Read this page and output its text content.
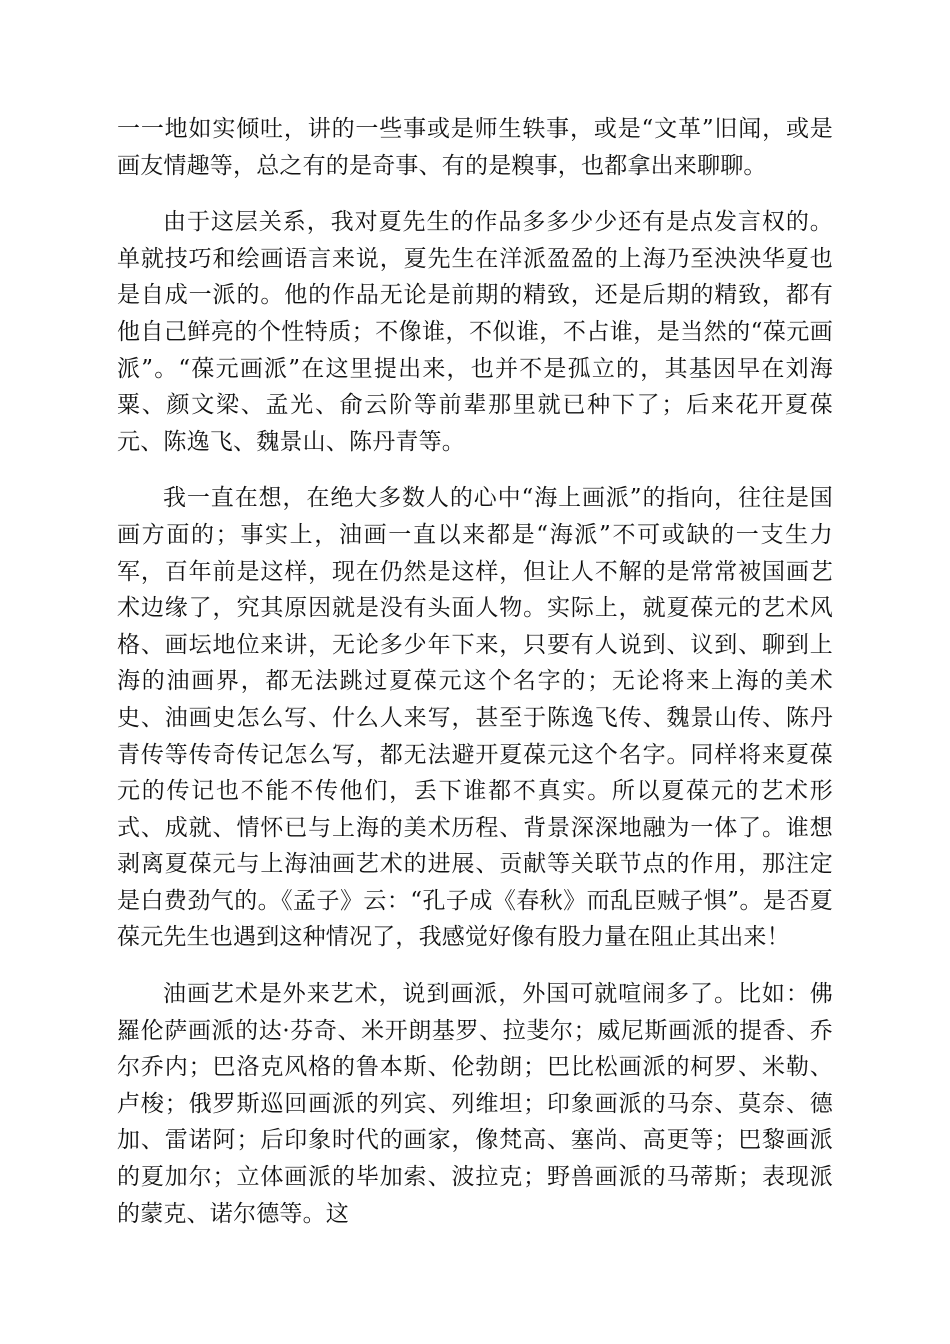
一一地如实倾吐，讲的一些事或是师生轶事，或是“文革”旧闻，或是画友情趣等，总之有的是奇事、有的是糗事，也都拿出来聊聊。

由于这层关系，我对夏先生的作品多多少少还有是点发言权的。单就技巧和绘画语言来说，夏先生在洋派盈盈的上海乃至泱泱华夏也是自成一派的。他的作品无论是前期的精致，还是后期的精致，都有他自己鲜亮的个性特质；不像谁，不似谁，不占谁，是当然的“葆元画派”。“葆元画派”在这里提出来，也并不是孤立的，其基因早在刘海粟、颜文梁、孟光、俞云阶等前辈那里就已种下了；后来花开夏葆元、陈逸飞、魏景山、陈丹青等。

我一直在想，在绝大多数人的心中“海上画派”的指向，往往是国画方面的；事实上，油画一直以来都是“海派”不可或缺的一支生力军，百年前是这样，现在仍然是这样，但让人不解的是常常被国画艺术边缘了，究其原因就是没有头面人物。实际上，就夏葆元的艺术风格、画坛地位来讲，无论多少年下来，只要有人说到、议到、聊到上海的油画界，都无法跳过夏葆元这个名字的；无论将来上海的美术史、油画史怎么写、什么人来写，甚至于陈逸飞传、魏景山传、陈丹青传等传奇传记怎么写，都无法避开夏葆元这个名字。同样将来夏葆元的传记也不能不传他们，丢下谁都不真实。所以夏葆元的艺术形式、成就、情怀已与上海的美术历程、背景深深地融为一体了。谁想剥离夏葆元与上海油画艺术的进展、贡献等关联节点的作用，那注定是白费劲气的。《孟子》云：“孔子成《春秋》而乱臣贼子惧”。是否夏葆元先生也遇到这种情况了，我感觉好像有股力量在阻止其出来！

油画艺术是外来艺术，说到画派，外国可就喧闹多了。比如：佛羅伦萨画派的达·芬奇、米开朗基罗、拉斐尔；威尼斯画派的提香、乔尔乔内；巴洛克风格的鲁本斯、伦勃朗；巴比松画派的柯罗、米勒、卢梭；俄罗斯巡回画派的列宾、列维坦；印象画派的马奈、莫奈、德加、雷诺阿；后印象时代的画家，像梵高、塞尚、高更等；巴黎画派的夏加尔；立体画派的毕加索、波拉克；野兽画派的马蒂斯；表现派的蒙克、诺尔德等。这
